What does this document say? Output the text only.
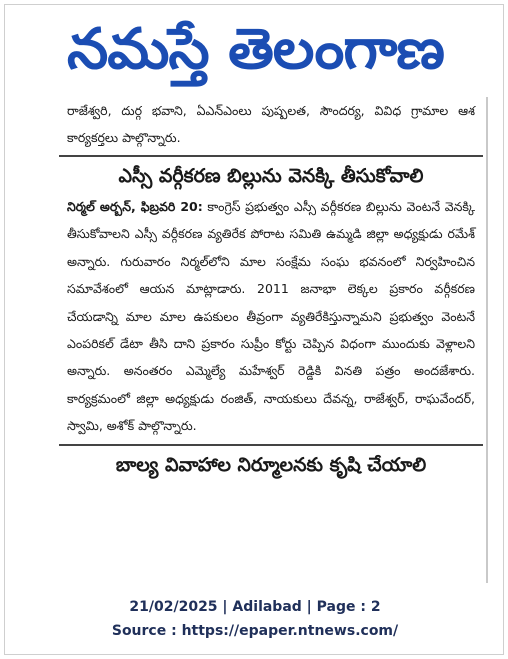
నమస్తే తెలంగాణ

రాజేశ్వరి, దుర్గ భవాని, ఏఎన్ఎంలు పుష్పలత, సౌందర్య, వివిధ గ్రామాల ఆశ కార్యకర్తలు పాల్గొన్నారు.

ఎస్సీ వర్గీకరణ బిల్లును వెనక్కి తీసుకోవాలి

నిర్మల్ అర్బన్, ఫిబ్రవరి 20: కాంగ్రెస్ ప్రభుత్వం ఎస్సీ వర్గీకరణ బిల్లును వెంటనే వెనక్కి తీసుకోవాలని ఎస్సీ వర్గీకరణ వ్యతిరేక పోరాట సమితి ఉమ్మడి జిల్లా అధ్యక్షుడు రమేశ్ అన్నారు. గురువారం నిర్మల్‌లోని మాల సంక్షేమ సంఘ భవనంలో నిర్వహించిన సమావేశంలో ఆయన మాట్లాడారు. 2011 జనాభా లెక్కల ప్రకారం వర్గీకరణ చేయడాన్ని మాల మాల ఉపకులం తీవ్రంగా వ్యతిరేకిస్తున్నామని ప్రభుత్వం వెంటనే ఎంపరికల్ డేటా తీసి దాని ప్రకారం సుప్రీం కోర్టు చెప్పిన విధంగా ముందుకు వెళ్లాలని అన్నారు. అనంతరం ఎమ్మెల్యే మహేశ్వర్ రెడ్డికి వినతి పత్రం అందజేశారు. కార్యక్రమంలో జిల్లా అధ్యక్షుడు రంజిత్, నాయకులు దేవన్న, రాజేశ్వర్, రాఘవేందర్, స్వామి, అశోక్ పాల్గొన్నారు.

బాల్య వివాహాల నిర్మూలనకు కృషి చేయాలి
21/02/2025 | Adilabad | Page : 2
Source : https://epaper.ntnews.com/
